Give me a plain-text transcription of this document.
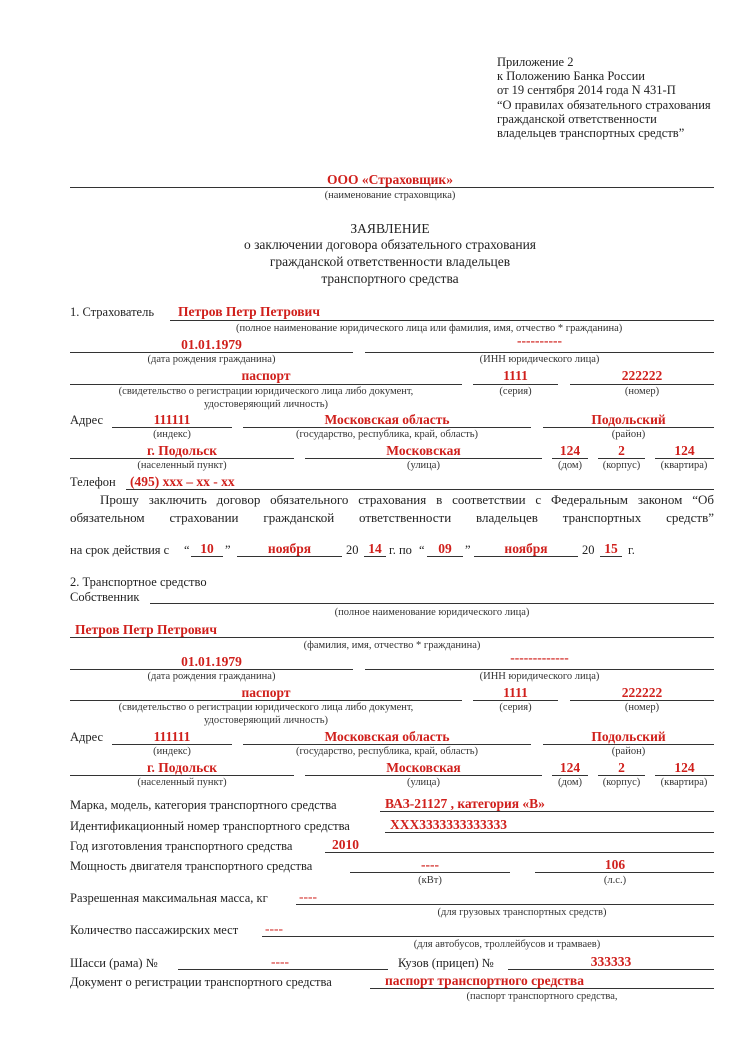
Приложение 2
к Положению Банка России
от 19 сентября 2014 года N 431-П
“О правилах обязательного страхования
гражданской ответственности
владельцев транспортных средств”
ООО «Страховщик»
(наименование страховщика)
ЗАЯВЛЕНИЕ
о заключении договора обязательного страхования
гражданской ответственности владельцев
транспортного средства
1. Страхователь Петров Петр Петрович
(полное наименование юридического лица или фамилия, имя, отчество * гражданина)
01.01.1979	----------
(дата рождения гражданина)	(ИНН юридического лица)
паспорт	1111	222222
(свидетельство о регистрации юридического лица либо документ,
удостоверяющий личность)
(серия)	(номер)
Адрес	111111	Московская область	Подольский
(индекс)	(государство, республика, край, область)	(район)
г. Подольск	Московская	124	2	124
(населенный пункт)	(улица)	(дом)	(корпус)	(квартира)
Телефон (495) ххх – хх - хх
Прошу заключить договор обязательного страхования в соответствии с Федеральным законом “Об
обязательном страховании гражданской ответственности владельцев транспортных средств”
на срок действия с “ 10 ”	ноября	20 14 г. по “	09	”	ноября	20 15 г.
2. Транспортное средство
Собственник
(полное наименование юридического лица)
Петров Петр Петрович
(фамилия, имя, отчество * гражданина)
01.01.1979	-------------
(дата рождения гражданина)	(ИНН юридического лица)
паспорт	1111	222222
(свидетельство о регистрации юридического лица либо документ,
удостоверяющий личность)
(серия)	(номер)
Адрес	111111	Московская область	Подольский
(индекс)	(государство, республика, край, область)	(район)
г. Подольск	Московская	124	2	124
(населенный пункт)	(улица)	(дом)	(корпус)	(квартира)
Марка, модель, категория транспортного средства	ВАЗ-21127 , категория «В»
Идентификационный номер транспортного средства	ХХХ3333333333333
Год изготовления транспортного средства	2010
Мощность двигателя транспортного средства	----	106
(кВт)	(л.с.)
Разрешенная максимальная масса, кг ----
(для грузовых транспортных средств)
Количество пассажирских мест ----
(для автобусов, троллейбусов и трамваев)
Шасси (рама) №	----	Кузов (прицеп) №	333333
Документ о регистрации транспортного средства	паспорт транспортного средства
(паспорт транспортного средства,
